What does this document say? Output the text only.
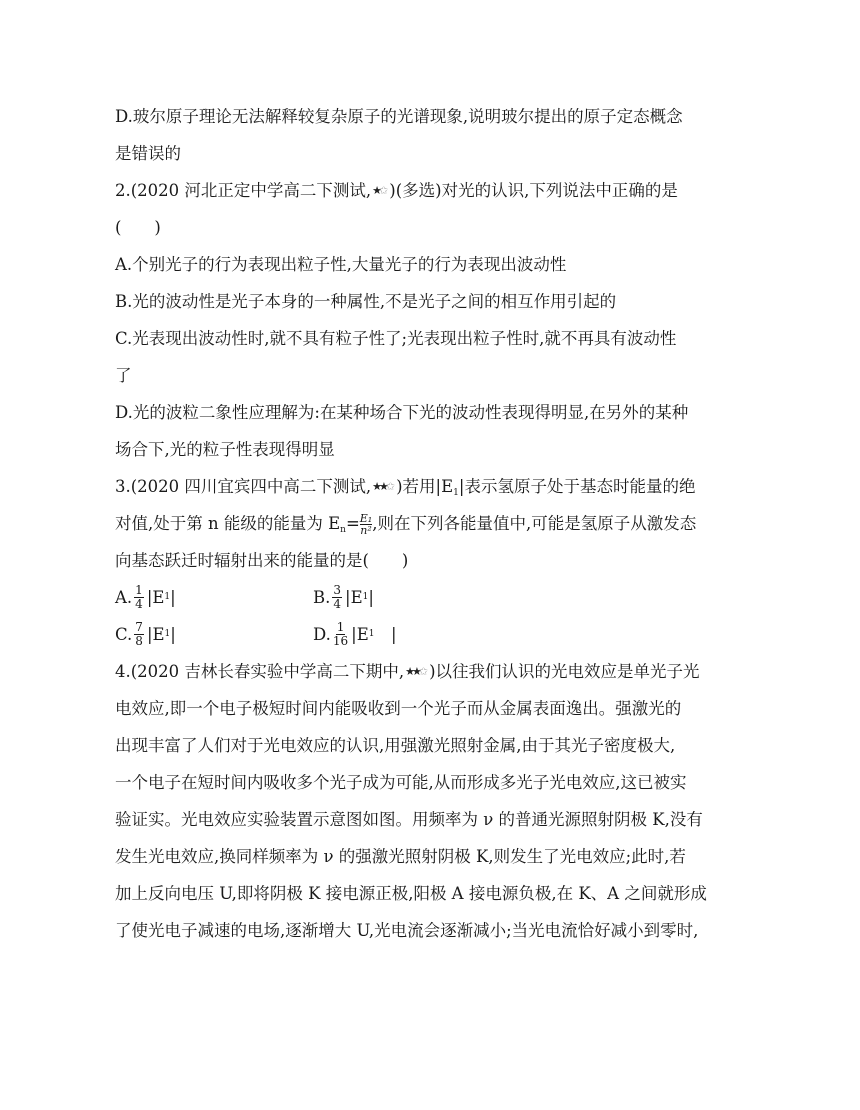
D.玻尔原子理论无法解释较复杂原子的光谱现象,说明玻尔提出的原子定态概念
是错误的
2.(2020 河北正定中学高二下测试,★✩ )(多选)对光的认识,下列说法中正确的是
(　　)
A.个别光子的行为表现出粒子性,大量光子的行为表现出波动性
B.光的波动性是光子本身的一种属性,不是光子之间的相互作用引起的
C.光表现出波动性时,就不具有粒子性了;光表现出粒子性时,就不再具有波动性
了
D.光的波粒二象性应理解为:在某种场合下光的波动性表现得明显,在另外的某种
场合下,光的粒子性表现得明显
3.(2020 四川宜宾四中高二下测试,★★✩ )若用$|E_1|$表示氢原子处于基态时能量的绝
对值,处于第 n 能级的能量为 $E_n= \frac{\text{E₁}}{\text{n²}}$ ,则在下列各能量值中,可能是氢原子从激发态
向基态跃迁时辐射出来的能量的是(　　)
A. $\frac{1}{4} |E$ 1 |	B. $\frac{3}{4} |E$ 1 |
C. $\frac{7}{8} |E$ 1 |	D. $\frac{1}{16} |E$ 1 　|
4.(2020 吉林长春实验中学高二下期中,★★✩ )以往我们认识的光电效应是单光子光
电效应,即一个电子极短时间内能吸收到一个光子而从金属表面逸出。强激光的
出现丰富了人们对于光电效应的认识,用强激光照射金属,由于其光子密度极大,
一个电子在短时间内吸收多个光子成为可能,从而形成多光子光电效应,这已被实
验证实。光电效应实验装置示意图如图。用频率为 ν 的普通光源照射阴极 K,没有
发生光电效应,换同样频率为 ν 的强激光照射阴极 K,则发生了光电效应;此时,若
加上反向电压 U,即将阴极 K 接电源正极,阳极 A 接电源负极,在 K、A 之间就形成
了使光电子减速的电场,逐渐增大 U,光电流会逐渐减小;当光电流恰好减小到零时,
